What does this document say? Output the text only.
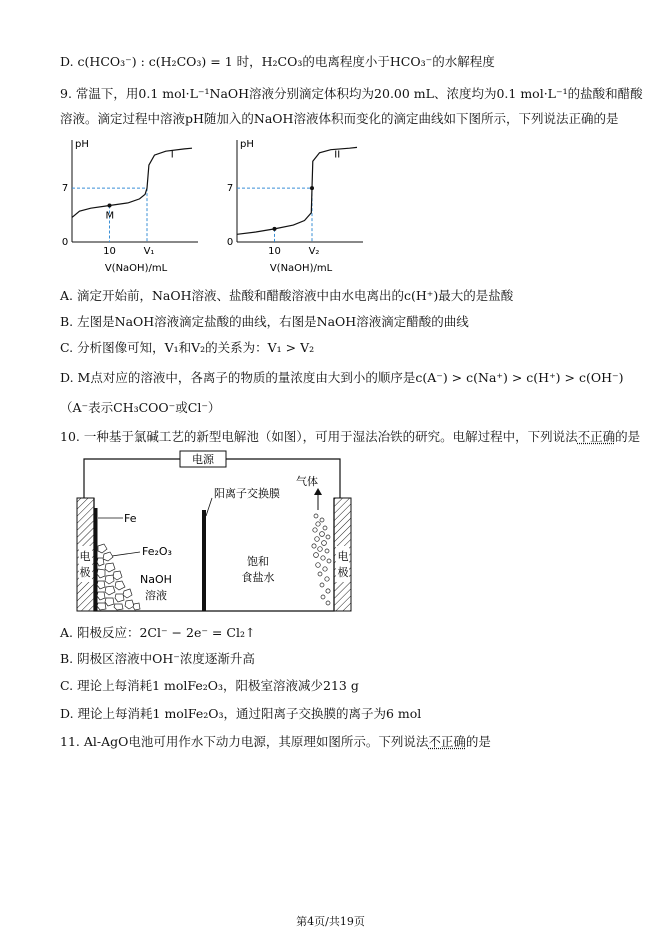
D. c(HCO₃⁻) : c(H₂CO₃) = 1 时，H₂CO₃的电离程度小于HCO₃⁻的水解程度
9. 常温下，用0.1 mol·L⁻¹NaOH溶液分别滴定体积均为20.00 mL、浓度均为0.1 mol·L⁻¹的盐酸和醋酸
溶液。滴定过程中溶液pH随加入的NaOH溶液体积而变化的滴定曲线如下图所示，下列说法正确的是
pH
0
7
10	V₁
V(NaOH)/mL
M
I
pH
0
7
10	V₂
V(NaOH)/mL
II
A. 滴定开始前，NaOH溶液、盐酸和醋酸溶液中由水电离出的c(H⁺)最大的是盐酸
B. 左图是NaOH溶液滴定盐酸的曲线，右图是NaOH溶液滴定醋酸的曲线
C. 分析图像可知，V₁和V₂的关系为：V₁ > V₂
D. M点对应的溶液中，各离子的物质的量浓度由大到小的顺序是c(A⁻) > c(Na⁺) > c(H⁺) > c(OH⁻)
（A⁻表示CH₃COO⁻或Cl⁻）
10. 一种基于氯碱工艺的新型电解池（如图），可用于湿法冶铁的研究。电解过程中，下列说法不正确的是
电源
电
极
电
极
Fe
Fe₂O₃
NaOH
溶液
阳离子交换膜
饱和
食盐水
气体
A. 阳极反应：2Cl⁻ − 2e⁻ = Cl₂↑
B. 阴极区溶液中OH⁻浓度逐渐升高
C. 理论上每消耗1 molFe₂O₃，阳极室溶液减少213 g
D. 理论上每消耗1 molFe₂O₃，通过阳离子交换膜的离子为6 mol
11. Al-AgO电池可用作水下动力电源，其原理如图所示。下列说法不正确的是
第4页/共19页
